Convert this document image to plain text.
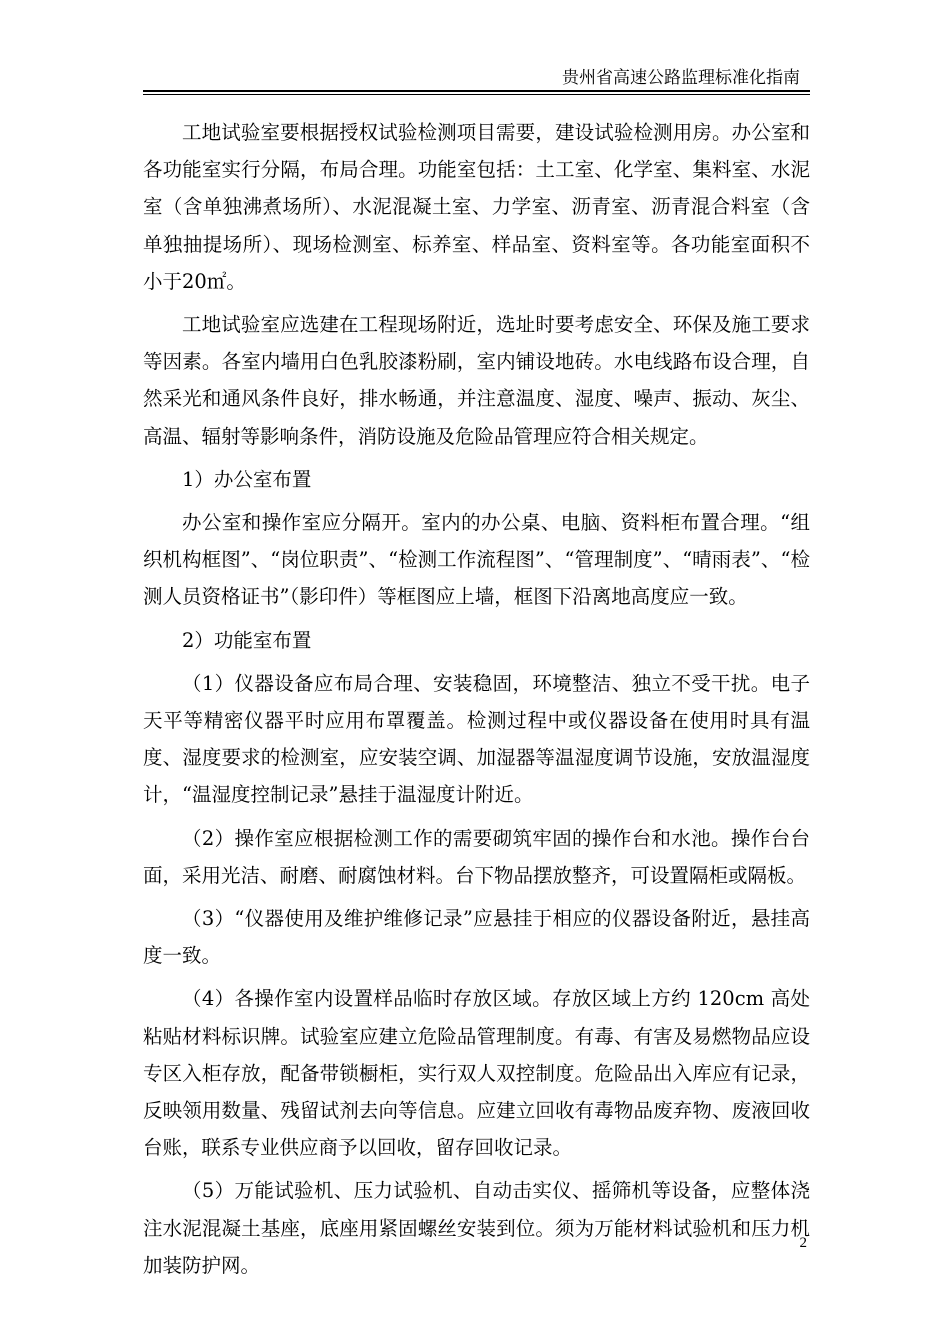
贵州省高速公路监理标准化指南

工地试验室要根据授权试验检测项目需要，建设试验检测用房。办公室和各功能室实行分隔，布局合理。功能室包括：土工室、化学室、集料室、水泥室（含单独沸煮场所）、水泥混凝土室、力学室、沥青室、沥青混合料室（含单独抽提场所）、现场检测室、标养室、样品室、资料室等。各功能室面积不小于20㎡。

工地试验室应选建在工程现场附近，选址时要考虑安全、环保及施工要求等因素。各室内墙用白色乳胶漆粉刷，室内铺设地砖。水电线路布设合理，自然采光和通风条件良好，排水畅通，并注意温度、湿度、噪声、振动、灰尘、高温、辐射等影响条件，消防设施及危险品管理应符合相关规定。

1）办公室布置

办公室和操作室应分隔开。室内的办公桌、电脑、资料柜布置合理。“组织机构框图”、“岗位职责”、“检测工作流程图”、“管理制度”、“晴雨表”、“检测人员资格证书”（影印件）等框图应上墙，框图下沿离地高度应一致。

2）功能室布置

（1）仪器设备应布局合理、安装稳固，环境整洁、独立不受干扰。电子天平等精密仪器平时应用布罩覆盖。检测过程中或仪器设备在使用时具有温度、湿度要求的检测室，应安装空调、加湿器等温湿度调节设施，安放温湿度计，“温湿度控制记录”悬挂于温湿度计附近。

（2）操作室应根据检测工作的需要砌筑牢固的操作台和水池。操作台台面，采用光洁、耐磨、耐腐蚀材料。台下物品摆放整齐，可设置隔柜或隔板。

（3）“仪器使用及维护维修记录”应悬挂于相应的仪器设备附近，悬挂高度一致。

（4）各操作室内设置样品临时存放区域。存放区域上方约 120cm 高处粘贴材料标识牌。试验室应建立危险品管理制度。有毒、有害及易燃物品应设专区入柜存放，配备带锁橱柜，实行双人双控制度。危险品出入库应有记录，反映领用数量、残留试剂去向等信息。应建立回收有毒物品废弃物、废液回收台账，联系专业供应商予以回收，留存回收记录。

（5）万能试验机、压力试验机、自动击实仪、摇筛机等设备，应整体浇注水泥混凝土基座，底座用紧固螺丝安装到位。须为万能材料试验机和压力机加装防护网。

2
